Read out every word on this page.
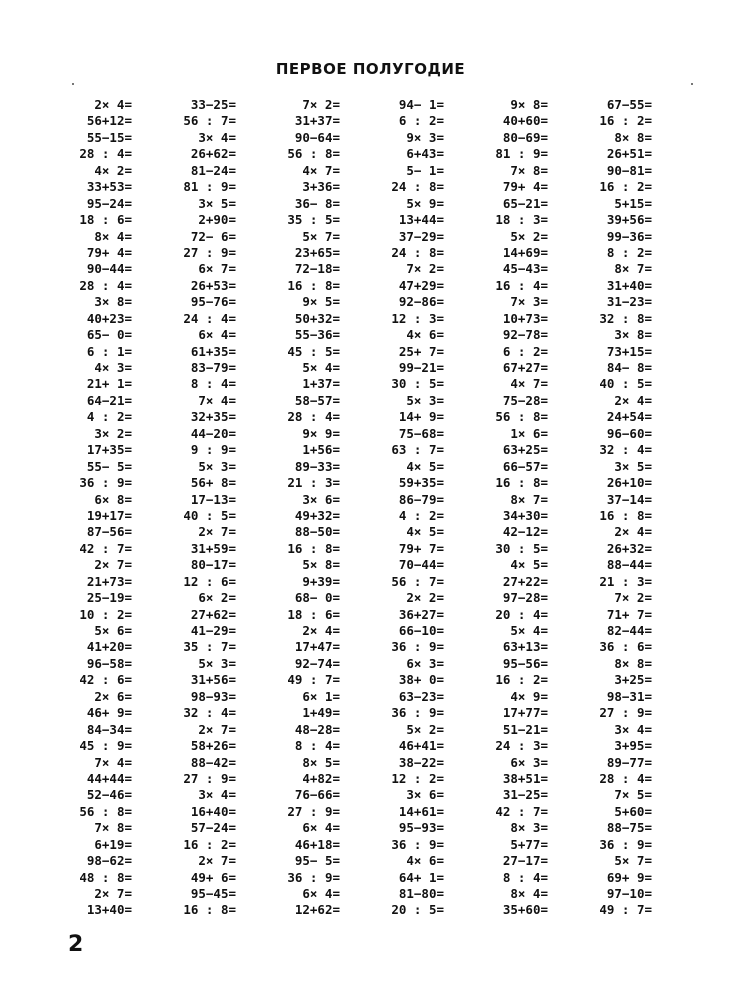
ПЕРВОЕ ПОЛУГОДИЕ
2× 4=
56+12=
55−15=
28 : 4=
4× 2=
33+53=
95−24=
18 : 6=
8× 4=
79+ 4=
90−44=
28 : 4=
3× 8=
40+23=
65− 0=
6 : 1=
4× 3=
21+ 1=
64−21=
4 : 2=
3× 2=
17+35=
55− 5=
36 : 9=
6× 8=
19+17=
87−56=
42 : 7=
2× 7=
21+73=
25−19=
10 : 2=
5× 6=
41+20=
96−58=
42 : 6=
2× 6=
46+ 9=
84−34=
45 : 9=
7× 4=
44+44=
52−46=
56 : 8=
7× 8=
6+19=
98−62=
48 : 8=
2× 7=
13+40=
33−25=
56 : 7=
3× 4=
26+62=
81−24=
81 : 9=
3× 5=
2+90=
72− 6=
27 : 9=
6× 7=
26+53=
95−76=
24 : 4=
6× 4=
61+35=
83−79=
8 : 4=
7× 4=
32+35=
44−20=
9 : 9=
5× 3=
56+ 8=
17−13=
40 : 5=
2× 7=
31+59=
80−17=
12 : 6=
6× 2=
27+62=
41−29=
35 : 7=
5× 3=
31+56=
98−93=
32 : 4=
2× 7=
58+26=
88−42=
27 : 9=
3× 4=
16+40=
57−24=
16 : 2=
2× 7=
49+ 6=
95−45=
16 : 8=
7× 2=
31+37=
90−64=
56 : 8=
4× 7=
3+36=
36− 8=
35 : 5=
5× 7=
23+65=
72−18=
16 : 8=
9× 5=
50+32=
55−36=
45 : 5=
5× 4=
1+37=
58−57=
28 : 4=
9× 9=
1+56=
89−33=
21 : 3=
3× 6=
49+32=
88−50=
16 : 8=
5× 8=
9+39=
68− 0=
18 : 6=
2× 4=
17+47=
92−74=
49 : 7=
6× 1=
1+49=
48−28=
8 : 4=
8× 5=
4+82=
76−66=
27 : 9=
6× 4=
46+18=
95− 5=
36 : 9=
6× 4=
12+62=
94− 1=
6 : 2=
9× 3=
6+43=
5− 1=
24 : 8=
5× 9=
13+44=
37−29=
24 : 8=
7× 2=
47+29=
92−86=
12 : 3=
4× 6=
25+ 7=
99−21=
30 : 5=
5× 3=
14+ 9=
75−68=
63 : 7=
4× 5=
59+35=
86−79=
4 : 2=
4× 5=
79+ 7=
70−44=
56 : 7=
2× 2=
36+27=
66−10=
36 : 9=
6× 3=
38+ 0=
63−23=
36 : 9=
5× 2=
46+41=
38−22=
12 : 2=
3× 6=
14+61=
95−93=
36 : 9=
4× 6=
64+ 1=
81−80=
20 : 5=
9× 8=
40+60=
80−69=
81 : 9=
7× 8=
79+ 4=
65−21=
18 : 3=
5× 2=
14+69=
45−43=
16 : 4=
7× 3=
10+73=
92−78=
6 : 2=
67+27=
4× 7=
75−28=
56 : 8=
1× 6=
63+25=
66−57=
16 : 8=
8× 7=
34+30=
42−12=
30 : 5=
4× 5=
27+22=
97−28=
20 : 4=
5× 4=
63+13=
95−56=
16 : 2=
4× 9=
17+77=
51−21=
24 : 3=
6× 3=
38+51=
31−25=
42 : 7=
8× 3=
5+77=
27−17=
8 : 4=
8× 4=
35+60=
67−55=
16 : 2=
8× 8=
26+51=
90−81=
16 : 2=
5+15=
39+56=
99−36=
8 : 2=
8× 7=
31+40=
31−23=
32 : 8=
3× 8=
73+15=
84− 8=
40 : 5=
2× 4=
24+54=
96−60=
32 : 4=
3× 5=
26+10=
37−14=
16 : 8=
2× 4=
26+32=
88−44=
21 : 3=
7× 2=
71+ 7=
82−44=
36 : 6=
8× 8=
3+25=
98−31=
27 : 9=
3× 4=
3+95=
89−77=
28 : 4=
7× 5=
5+60=
88−75=
36 : 9=
5× 7=
69+ 9=
97−10=
49 : 7=
2
